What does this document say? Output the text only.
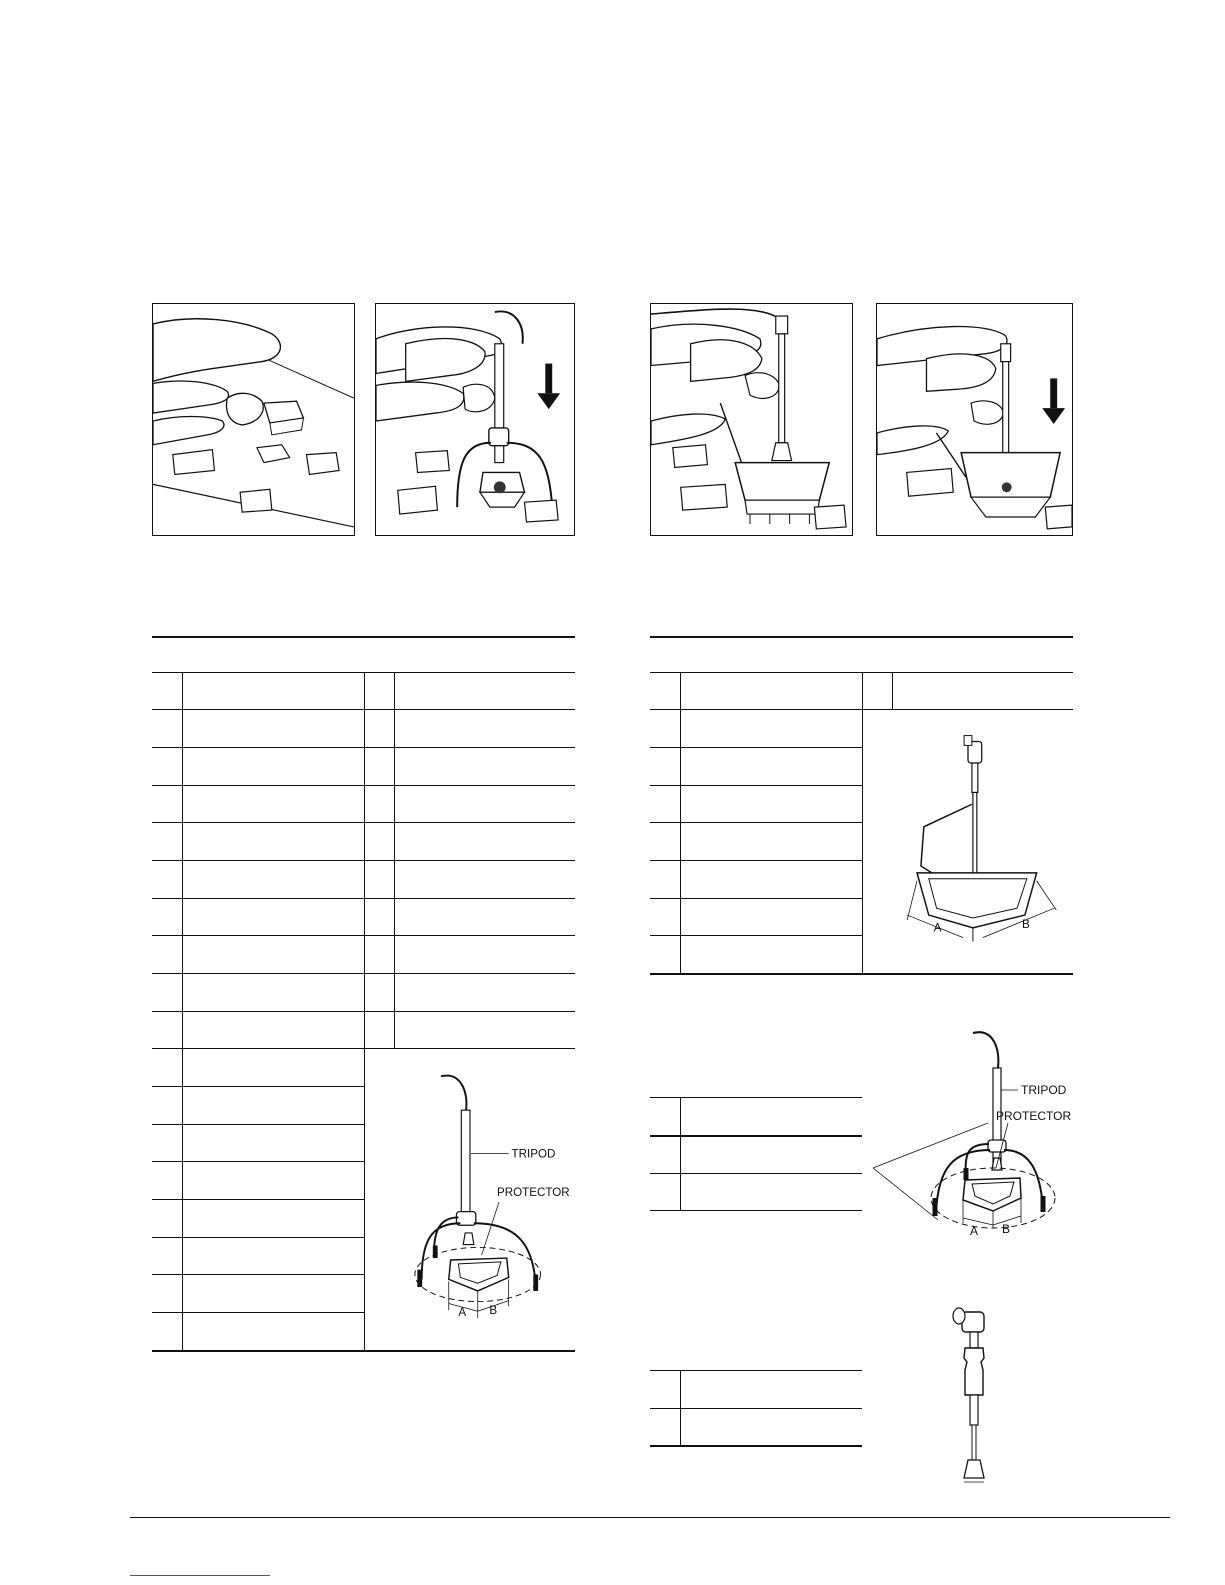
A B
TRIPOD
PROTECTOR
A	B
A B
TRIPOD
PROTECTOR
